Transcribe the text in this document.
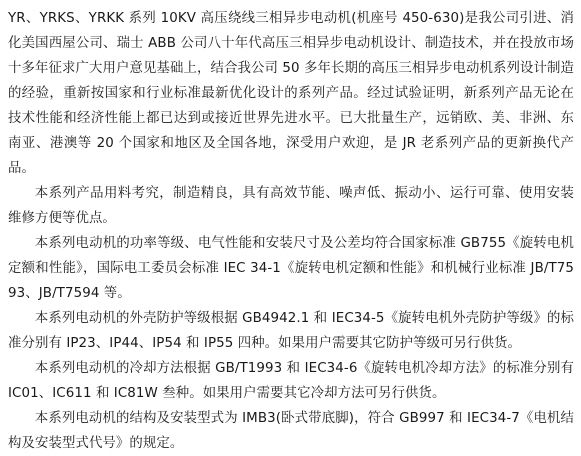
YR、YRKS、YRKK 系列 10KV 高压绕线三相异步电动机(机座号 450-630)是我公司引进、消化美国西屋公司、瑞士 ABB 公司八十年代高压三相异步电动机设计、制造技术，并在投放市场十多年征求广大用户意见基础上，结合我公司 50 多年长期的高压三相异步电动机系列设计制造的经验，重新按国家和行业标准最新优化设计的系列产品。经过试验证明，新系列产品无论在技术性能和经济性能上都已达到或接近世界先进水平。已大批量生产，远销欧、美、非洲、东南亚、港澳等 20 个国家和地区及全国各地，深受用户欢迎，是 JR 老系列产品的更新换代产品。

本系列产品用料考究，制造精良，具有高效节能、噪声低、振动小、运行可靠、使用安装维修方便等优点。

本系列电动机的功率等级、电气性能和安装尺寸及公差均符合国家标准 GB755《旋转电机定额和性能》，国际电工委员会标准 IEC 34-1《旋转电机定额和性能》和机械行业标准 JB/T7593、JB/T7594 等。

本系列电动机的外壳防护等级根据 GB4942.1 和 IEC34-5《旋转电机外壳防护等级》的标准分别有 IP23、IP44、IP54 和 IP55 四种。如果用户需要其它防护等级可另行供货。

本系列电动机的冷却方法根据 GB/T1993 和 IEC34-6《旋转电机冷却方法》的标准分别有 IC01、IC611 和 IC81W 叁种。如果用户需要其它冷却方法可另行供货。

本系列电动机的结构及安装型式为 IMB3(卧式带底脚)，符合 GB997 和 IEC34-7《电机结构及安装型式代号》的规定。
